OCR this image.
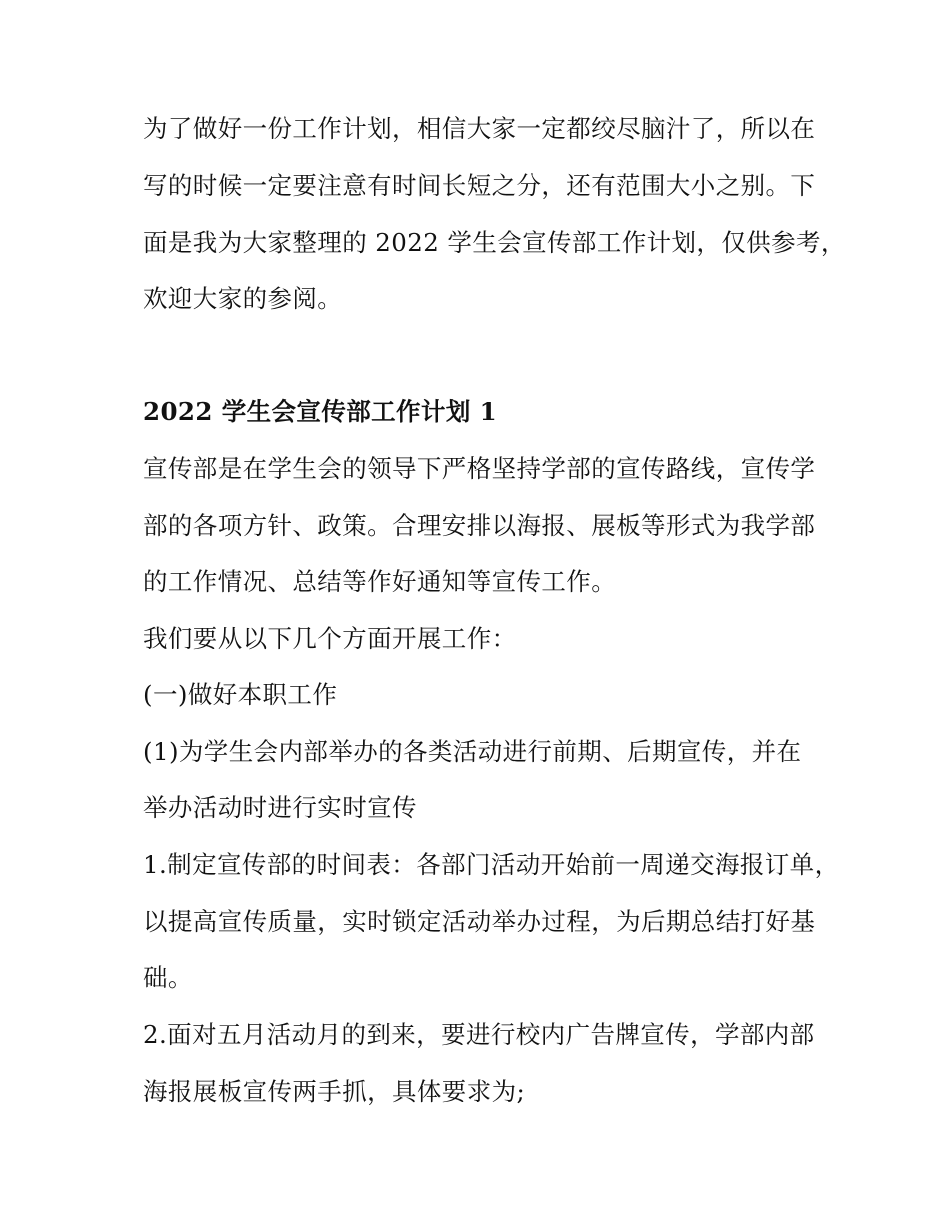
为了做好一份工作计划，相信大家一定都绞尽脑汁了，所以在
写的时候一定要注意有时间长短之分，还有范围大小之别。下
面是我为大家整理的 2022 学生会宣传部工作计划，仅供参考，
欢迎大家的参阅。
2022 学生会宣传部工作计划 1
宣传部是在学生会的领导下严格坚持学部的宣传路线，宣传学
部的各项方针、政策。合理安排以海报、展板等形式为我学部
的工作情况、总结等作好通知等宣传工作。
我们要从以下几个方面开展工作：
(一)做好本职工作
(1)为学生会内部举办的各类活动进行前期、后期宣传，并在
举办活动时进行实时宣传
1.制定宣传部的时间表：各部门活动开始前一周递交海报订单，
以提高宣传质量，实时锁定活动举办过程，为后期总结打好基
础。
2.面对五月活动月的到来，要进行校内广告牌宣传，学部内部
海报展板宣传两手抓，具体要求为;
